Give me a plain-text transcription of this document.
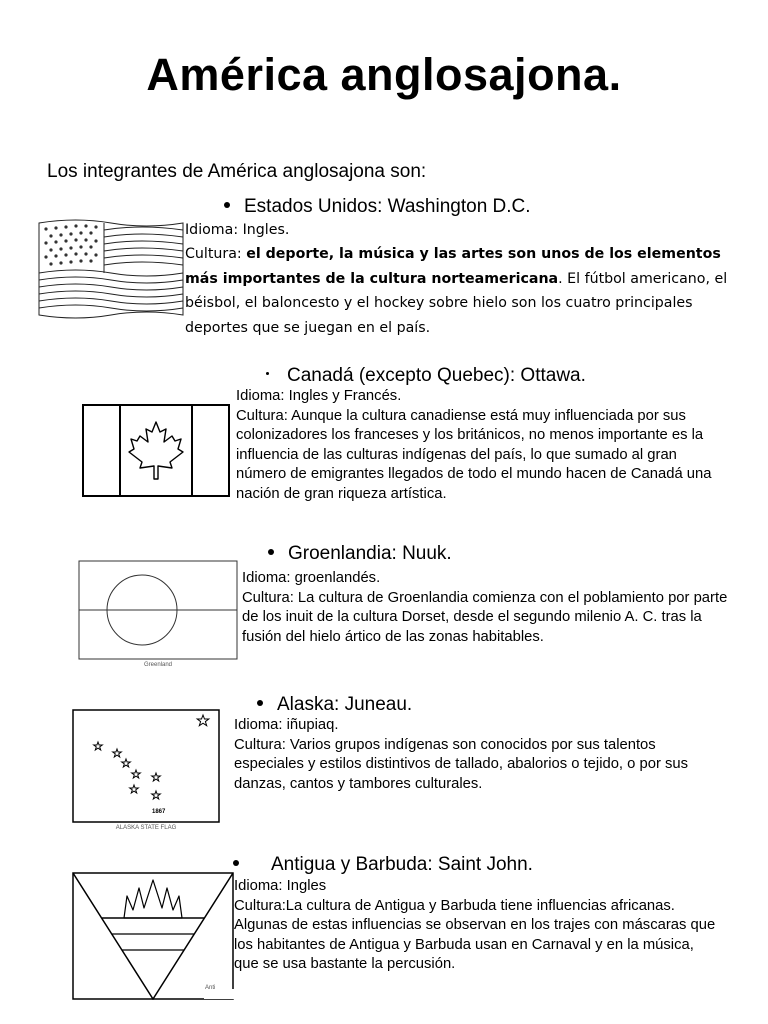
América anglosajona.
Los integrantes de América anglosajona son:
Estados Unidos: Washington D.C.

Idioma: Ingles.

Cultura: el deporte, la música y las artes son unos de los elementos más importantes de la cultura norteamericana. El fútbol americano, el béisbol, el baloncesto y el hockey sobre hielo son los cuatro principales deportes que se juegan en el país.

Canadá (excepto Quebec): Ottawa.

Idioma: Ingles y Francés.

Cultura: Aunque la cultura canadiense está muy influenciada por sus colonizadores los franceses y los británicos, no menos importante es la influencia de las culturas indígenas del país, lo que sumado al gran número de emigrantes llegados de todo el mundo hacen de Canadá una nación de gran riqueza artística.

Groenlandia: Nuuk.
Greenland

Idioma: groenlandés.

Cultura: La cultura de Groenlandia comienza con el poblamiento por parte de los inuit de la cultura Dorset, desde el segundo milenio A. C. tras la fusión del hielo ártico de las zonas habitables.

Alaska: Juneau.
1867
ALASKA STATE FLAG

Idioma: iñupiaq.

Cultura: Varios grupos indígenas son conocidos por sus talentos especiales y estilos distintivos de tallado, abalorios o tejido, o por sus danzas, cantos y tambores culturales.

Antigua y Barbuda: Saint John.
Anti

Idioma: Ingles

Cultura:La cultura de Antigua y Barbuda tiene influencias africanas. Algunas de estas influencias se observan en los trajes con máscaras que los habitantes de Antigua y Barbuda usan en Carnaval y en la música, que se usa bastante la percusión.
